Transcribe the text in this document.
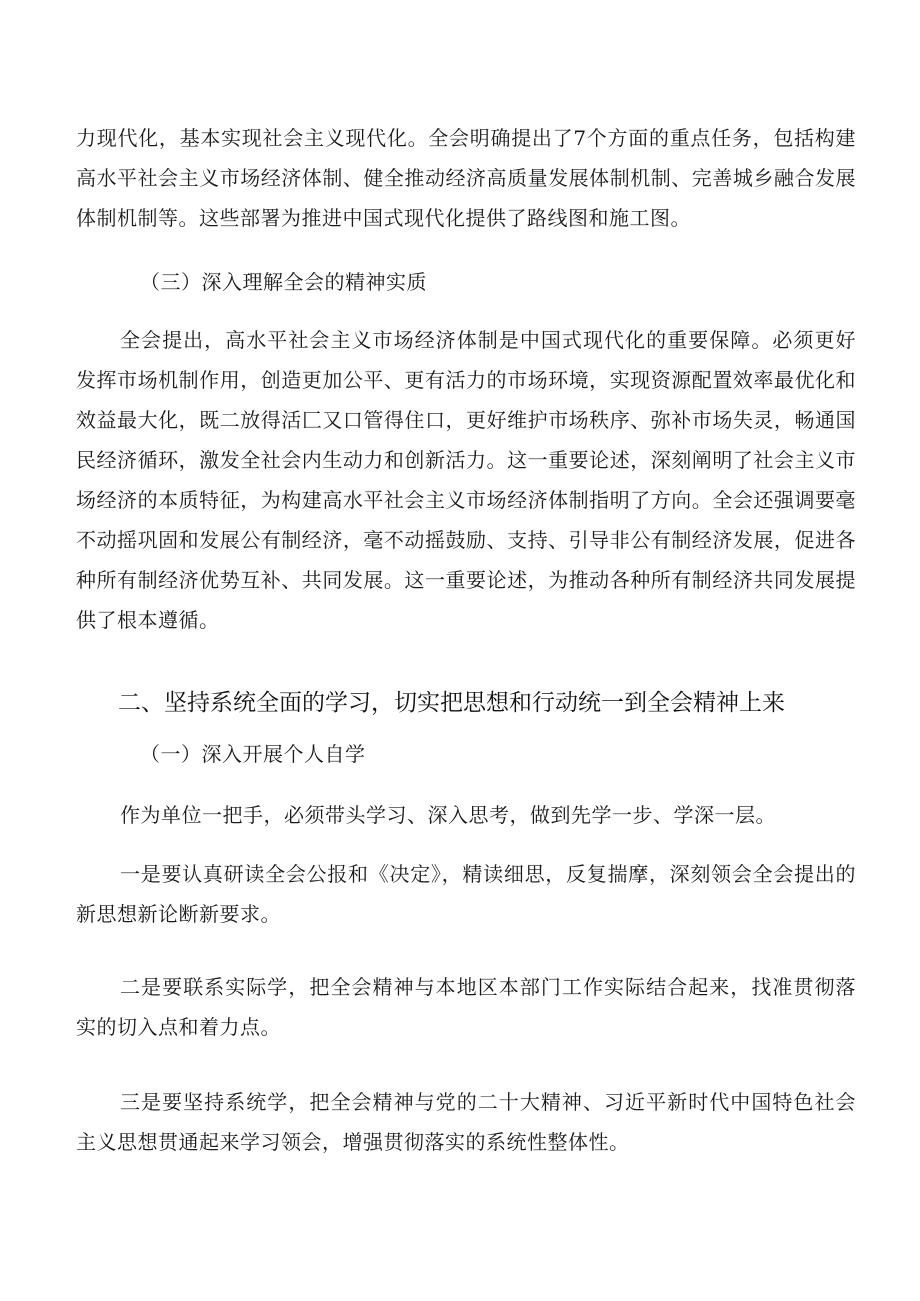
力现代化，基本实现社会主义现代化。全会明确提出了7个方面的重点任务，包括构建高水平社会主义市场经济体制、健全推动经济高质量发展体制机制、完善城乡融合发展体制机制等。这些部署为推进中国式现代化提供了路线图和施工图。

（三）深入理解全会的精神实质

全会提出，高水平社会主义市场经济体制是中国式现代化的重要保障。必须更好发挥市场机制作用，创造更加公平、更有活力的市场环境，实现资源配置效率最优化和效益最大化，既二放得活匚又口管得住口，更好维护市场秩序、弥补市场失灵，畅通国民经济循环，激发全社会内生动力和创新活力。这一重要论述，深刻阐明了社会主义市场经济的本质特征，为构建高水平社会主义市场经济体制指明了方向。全会还强调要毫不动摇巩固和发展公有制经济，毫不动摇鼓励、支持、引导非公有制经济发展，促进各种所有制经济优势互补、共同发展。这一重要论述，为推动各种所有制经济共同发展提供了根本遵循。

二、坚持系统全面的学习，切实把思想和行动统一到全会精神上来

（一）深入开展个人自学

作为单位一把手，必须带头学习、深入思考，做到先学一步、学深一层。

一是要认真研读全会公报和《决定》，精读细思，反复揣摩，深刻领会全会提出的新思想新论断新要求。

二是要联系实际学，把全会精神与本地区本部门工作实际结合起来，找准贯彻落实的切入点和着力点。

三是要坚持系统学，把全会精神与党的二十大精神、习近平新时代中国特色社会主义思想贯通起来学习领会，增强贯彻落实的系统性整体性。
